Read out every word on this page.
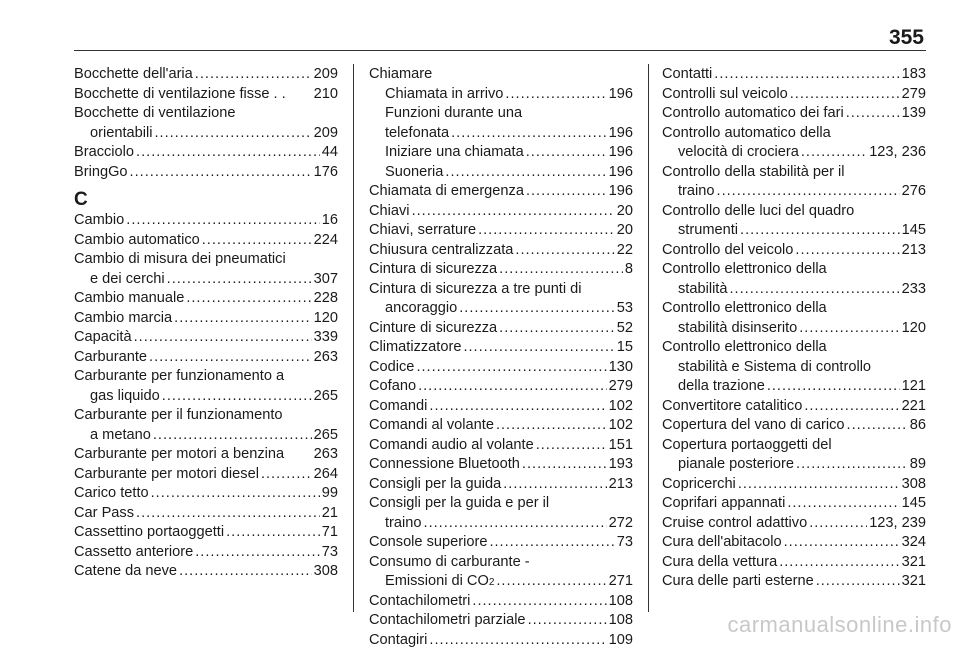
355
Bocchette dell'aria .....	209
Bocchette di ventilazione fisse . . 210
Bocchette di ventilazione
orientabili .....	209
Bracciolo .....	44
BringGo .....	176
C
Cambio .....	16
Cambio automatico .....	224
Cambio di misura dei pneumatici
e dei cerchi .....	307
Cambio manuale .....	228
Cambio marcia .....	120
Capacità .....	339
Carburante .....	263
Carburante per funzionamento a
gas liquido .....	265
Carburante per il funzionamento
a metano .....	265
Carburante per motori a benzina 263
Carburante per motori diesel .....	264
Carico tetto .....	99
Car Pass .....	21
Cassettino portaoggetti .....	71
Cassetto anteriore .....	73
Catene da neve .....	308
Chiamare
Chiamata in arrivo .....	196
Funzioni durante una
telefonata .....	196
Iniziare una chiamata .....	196
Suoneria .....	196
Chiamata di emergenza .....	196
Chiavi .....	20
Chiavi, serrature .....	20
Chiusura centralizzata .....	22
Cintura di sicurezza .....	8
Cintura di sicurezza a tre punti di
ancoraggio .....	53
Cinture di sicurezza .....	52
Climatizzatore .....	15
Codice .....	130
Cofano .....	279
Comandi .....	102
Comandi al volante .....	102
Comandi audio al volante .....	151
Connessione Bluetooth .....	193
Consigli per la guida .....	213
Consigli per la guida e per il
traino .....	272
Console superiore .....	73
Consumo di carburante -
Emissioni di CO 2 .....	271
Contachilometri .....	108
Contachilometri parziale .....	108
Contagiri .....	109
Contatti .....	183
Controlli sul veicolo .....	279
Controllo automatico dei fari .....	139
Controllo automatico della
velocità di crociera .....	123, 236
Controllo della stabilità per il
traino .....	276
Controllo delle luci del quadro
strumenti .....	145
Controllo del veicolo .....	213
Controllo elettronico della
stabilità .....	233
Controllo elettronico della
stabilità disinserito .....	120
Controllo elettronico della
stabilità e Sistema di controllo
della trazione .....	121
Convertitore catalitico .....	221
Copertura del vano di carico .....	86
Copertura portaoggetti del
pianale posteriore .....	89
Copricerchi .....	308
Coprifari appannati .....	145
Cruise control adattivo .....	123, 239
Cura dell'abitacolo .....	324
Cura della vettura .....	321
Cura delle parti esterne .....	321
carmanualsonline.info
